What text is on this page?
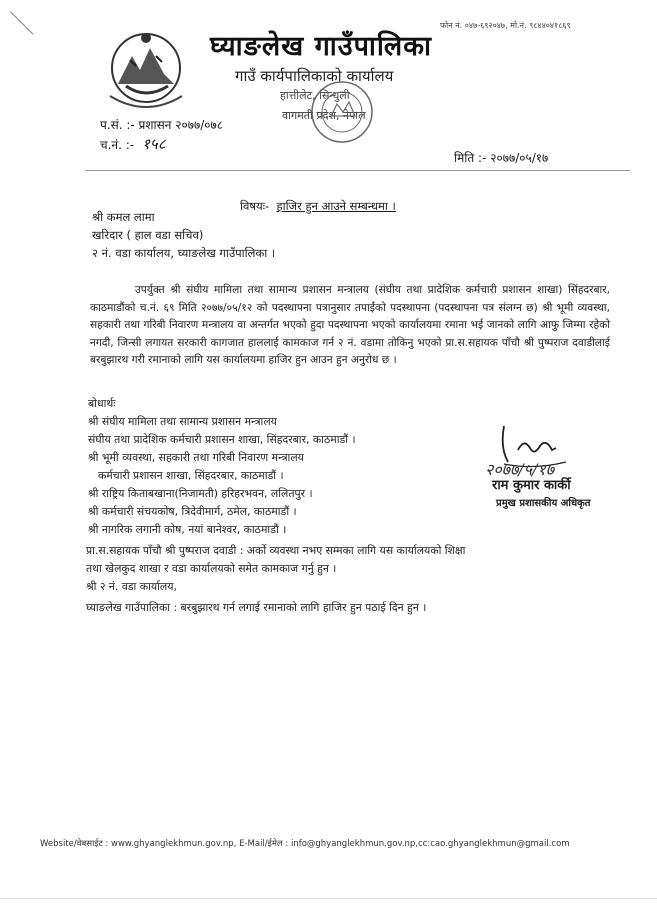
फोन नं. ०४७-६९२०४७, मो.नं. ९८४४०४१८६९
घ्याङलेख गाउँपालिका
गाउँ कार्यपालिकाको कार्यालय
हात्तीलेट, सिन्धुली
वागमती प्रदेश, नेपाल
प.सं. :- प्रशासन २०७७/०७८
च.नं. :- १५८
मिति :- २०७७/०५/१७
विषयः- हाजिर हुन आउने सम्बन्धमा ।
श्री कमल लामा
खरिदार ( हाल वडा सचिव)
२ नं. वडा कार्यालय, घ्याङलेख गाउँपालिका ।
उपर्युक्त श्री संघीय मामिला तथा सामान्य प्रशासन मन्त्रालय (संघीय तथा प्रादेशिक कर्मचारी प्रशासन शाखा) सिंहदरबार, काठमाडौंको च.नं. ६९ मिति २०७७/०५/१२ को पदस्थापना पत्रानुसार तपाईंको पदस्थापना (पदस्थापना पत्र संलग्न छ) श्री भूमी व्यवस्था, सहकारी तथा गरिबी निवारण मन्त्रालय वा अन्तर्गत भएको हुदा पदस्थापना भएको कार्यालयमा रमाना भई जानको लागि आफु जिम्मा रहेको नगदी, जिन्सी लगायत सरकारी कागजात हाललाई कामकाज गर्न २ नं. वडामा तोकिनु भएको प्रा.स.सहायक पाँचौ श्री पुष्पराज दवाडीलाई बरबुझारथ गरी रमानाको लागि यस कार्यालयमा हाजिर हुन आउन हुन अनुरोध छ ।
बोधार्थः
श्री संघीय मामिला तथा सामान्य प्रशासन मन्त्रालय
संघीय तथा प्रादेशिक कर्मचारी प्रशासन शाखा, सिंहदरबार, काठमाडौं ।
श्री भूमी व्यवस्था, सहकारी तथा गरिबी निवारण मन्त्रालय
कर्मचारी प्रशासन शाखा, सिंहदरबार, काठमाडौं ।
श्री राष्ट्रिय किताबखाना(निजामती) हरिहरभवन, ललितपुर ।
श्री कर्मचारी संचयकोष, त्रिदेवीमार्ग, ठमेल, काठमाडौं ।
श्री नागरिक लगानी कोष, नयां बानेश्वर, काठमाडौं ।
प्रा.स.सहायक पाँचौ श्री पुष्पराज दवाडी : अर्को व्यवस्था नभए सम्मका लागि यस कार्यालयको शिक्षा
तथा खेलकुद शाखा र वडा कार्यालयको समेत कामकाज गर्नु हुन ।
श्री २ नं. वडा कार्यालय,
घ्याङलेख गाउँपालिका : बरबुझारथ गर्न लगाई रमानाको लागि हाजिर हुन पठाई दिन हुन ।
२०७७/५/१७
राम कुमार कार्की
प्रमुख प्रशासकीय अधिकृत
Website/वेबसाईट : www.ghyanglekhmun.gov.np, E-Mail/ईमेल : info@ghyanglekhmun.gov.np,cc:cao.ghyanglekhmun@gmail.com
